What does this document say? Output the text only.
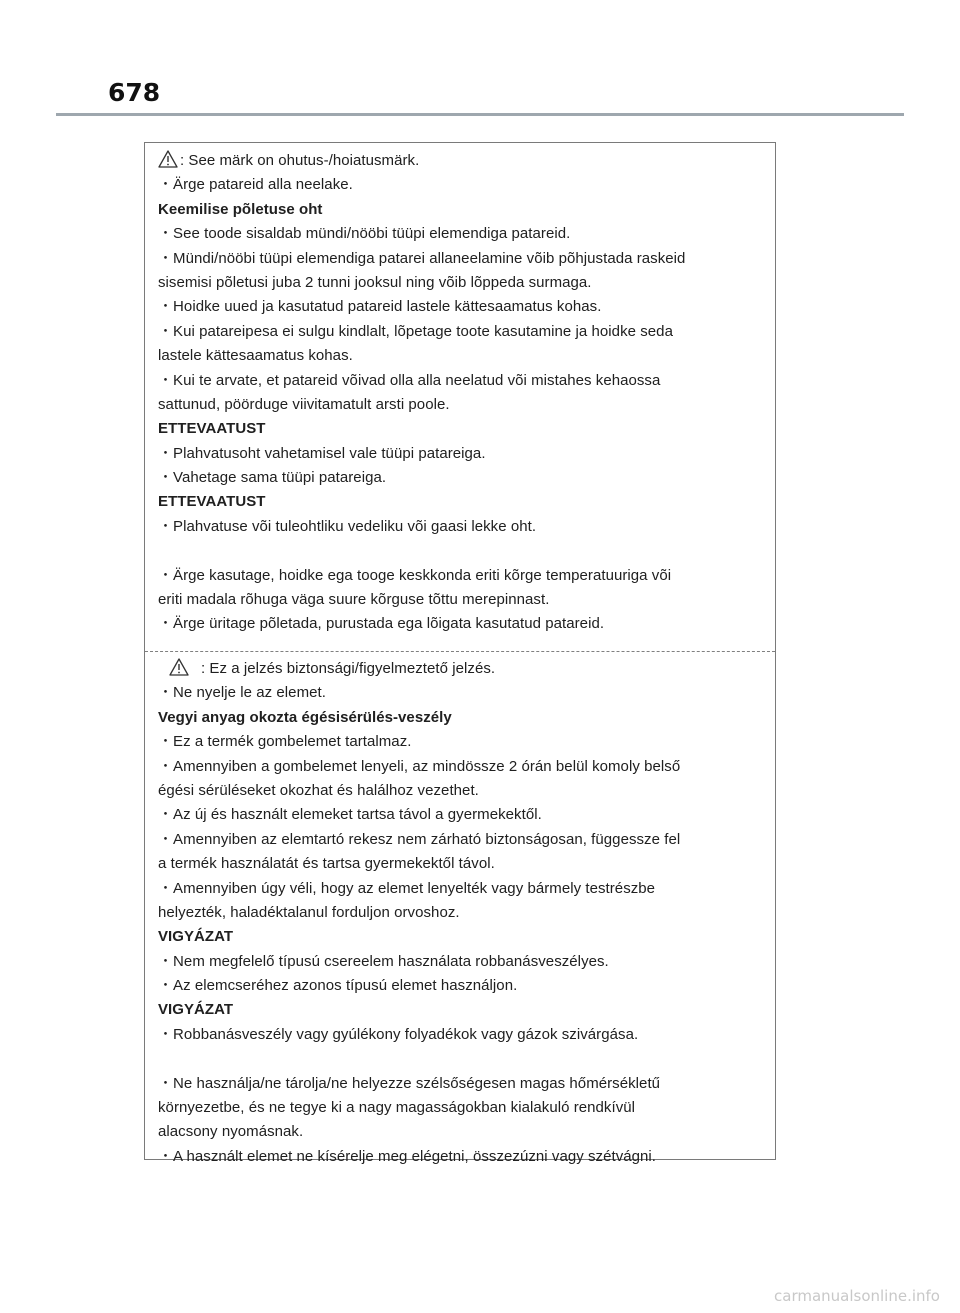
678
: See märk on ohutus-/hoiatusmärk.
・Ärge patareid alla neelake.
Keemilise põletuse oht
・See toode sisaldab mündi/nööbi tüüpi elemendiga patareid.
・Mündi/nööbi tüüpi elemendiga patarei allaneelamine võib põhjustada raskeid
sisemisi põletusi juba 2 tunni jooksul ning võib lõppeda surmaga.
・Hoidke uued ja kasutatud patareid lastele kättesaamatus kohas.
・Kui patareipesa ei sulgu kindlalt, lõpetage toote kasutamine ja hoidke seda
lastele kättesaamatus kohas.
・Kui te arvate, et patareid võivad olla alla neelatud või mistahes kehaossa
sattunud, pöörduge viivitamatult arsti poole.
ETTEVAATUST
・Plahvatusoht vahetamisel vale tüüpi patareiga.
・Vahetage sama tüüpi patareiga.
ETTEVAATUST
・Plahvatuse või tuleohtliku vedeliku või gaasi lekke oht.
・Ärge kasutage, hoidke ega tooge keskkonda eriti kõrge temperatuuriga või
eriti madala rõhuga väga suure kõrguse tõttu merepinnast.
・Ärge üritage põletada, purustada ega lõigata kasutatud patareid.
: Ez a jelzés biztonsági/figyelmeztető jelzés.
・Ne nyelje le az elemet.
Vegyi anyag okozta égésisérülés-veszély
・Ez a termék gombelemet tartalmaz.
・Amennyiben a gombelemet lenyeli, az mindössze 2 órán belül komoly belső
égési sérüléseket okozhat és halálhoz vezethet.
・Az új és használt elemeket tartsa távol a gyermekektől.
・Amennyiben az elemtartó rekesz nem zárható biztonságosan, függessze fel
a termék használatát és tartsa gyermekektől távol.
・Amennyiben úgy véli, hogy az elemet lenyelték vagy bármely testrészbe
helyezték, haladéktalanul forduljon orvoshoz.
VIGYÁZAT
・Nem megfelelő típusú csereelem használata robbanásveszélyes.
・Az elemcseréhez azonos típusú elemet használjon.
VIGYÁZAT
・Robbanásveszély vagy gyúlékony folyadékok vagy gázok szivárgása.
・Ne használja/ne tárolja/ne helyezze szélsőségesen magas hőmérsékletű
környezetbe, és ne tegye ki a nagy magasságokban kialakuló rendkívül
alacsony nyomásnak.
・A használt elemet ne kísérelje meg elégetni, összezúzni vagy szétvágni.
carmanualsonline.info
